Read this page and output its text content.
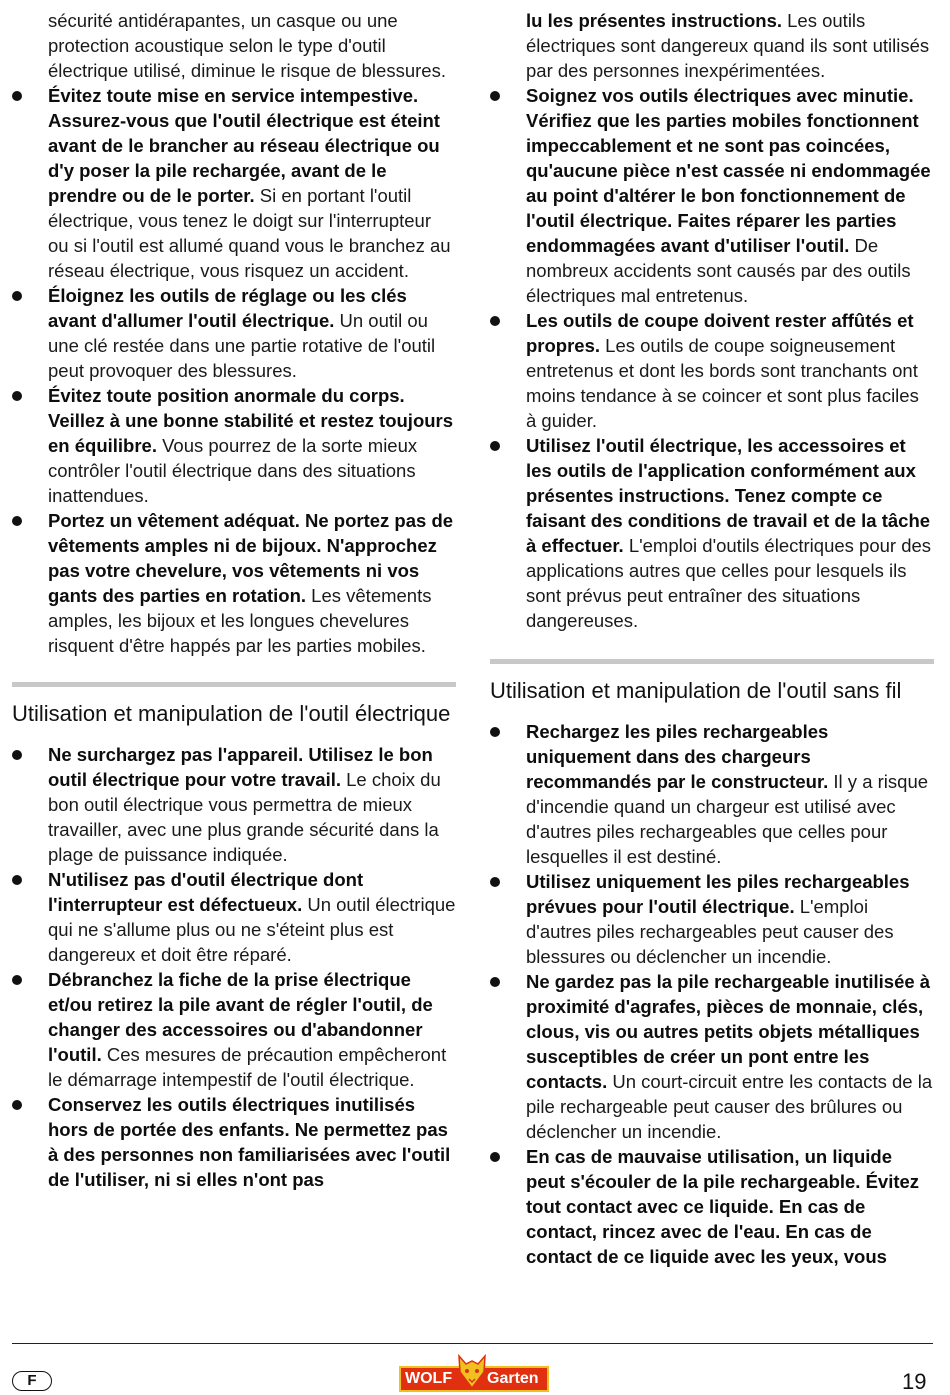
sécurité antidérapantes, un casque ou une protection acoustique selon le type d'outil électrique utilisé, diminue le risque de blessures.

Évitez toute mise en service intempestive. Assurez-vous que l'outil électrique est éteint avant de le brancher au réseau électrique ou d'y poser la pile rechargée, avant de le prendre ou de le porter. Si en portant l'outil électrique, vous tenez le doigt sur l'interrupteur ou si l'outil est allumé quand vous le branchez au réseau électrique, vous risquez un accident.

Éloignez les outils de réglage ou les clés avant d'allumer l'outil électrique. Un outil ou une clé restée dans une partie rotative de l'outil peut provoquer des blessures.

Évitez toute position anormale du corps. Veillez à une bonne stabilité et restez toujours en équilibre. Vous pourrez de la sorte mieux contrôler l'outil électrique dans des situations inattendues.

Portez un vêtement adéquat. Ne portez pas de vêtements amples ni de bijoux. N'approchez pas votre chevelure, vos vêtements ni vos gants des parties en rotation. Les vêtements amples, les bijoux et les longues chevelures risquent d'être happés par les parties mobiles.

Utilisation et manipulation de l'outil électrique

Ne surchargez pas l'appareil. Utilisez le bon outil électrique pour votre travail. Le choix du bon outil électrique vous permettra de mieux travailler, avec une plus grande sécurité dans la plage de puissance indiquée.

N'utilisez pas d'outil électrique dont l'interrupteur est défectueux. Un outil électrique qui ne s'allume plus ou ne s'éteint plus est dangereux et doit être réparé.

Débranchez la fiche de la prise électrique et/ou retirez la pile avant de régler l'outil, de changer des accessoires ou d'abandonner l'outil. Ces mesures de précaution empêcheront le démarrage intempestif de l'outil électrique.

Conservez les outils électriques inutilisés hors de portée des enfants. Ne permettez pas à des personnes non familiarisées avec l'outil de l'utiliser, ni si elles n'ont pas

lu les présentes instructions. Les outils électriques sont dangereux quand ils sont utilisés par des personnes inexpérimentées.

Soignez vos outils électriques avec minutie. Vérifiez que les parties mobiles fonctionnent impeccablement et ne sont pas coincées, qu'aucune pièce n'est cassée ni endommagée au point d'altérer le bon fonctionnement de l'outil électrique. Faites réparer les parties endommagées avant d'utiliser l'outil. De nombreux accidents sont causés par des outils électriques mal entretenus.

Les outils de coupe doivent rester affûtés et propres. Les outils de coupe soigneusement entretenus et dont les bords sont tranchants ont moins tendance à se coincer et sont plus faciles à guider.

Utilisez l'outil électrique, les accessoires et les outils de l'application conformément aux présentes instructions. Tenez compte ce faisant des conditions de travail et de la tâche à effectuer. L'emploi d'outils électriques pour des applications autres que celles pour lesquels ils sont prévus peut entraîner des situations dangereuses.

Utilisation et manipulation de l'outil sans fil

Rechargez les piles rechargeables uniquement dans des chargeurs recommandés par le constructeur. Il y a risque d'incendie quand un chargeur est utilisé avec d'autres piles rechargeables que celles pour lesquelles il est destiné.

Utilisez uniquement les piles rechargeables prévues pour l'outil électrique. L'emploi d'autres piles rechargeables peut causer des blessures ou déclencher un incendie.

Ne gardez pas la pile rechargeable inutilisée à proximité d'agrafes, pièces de monnaie, clés, clous, vis ou autres petits objets métalliques susceptibles de créer un pont entre les contacts. Un court-circuit entre les contacts de la pile rechargeable peut causer des brûlures ou déclencher un incendie.

En cas de mauvaise utilisation, un liquide peut s'écouler de la pile rechargeable. Évitez tout contact avec ce liquide. En cas de contact, rincez avec de l'eau. En cas de contact de ce liquide avec les yeux, vous

F	WOLF Garten	19
